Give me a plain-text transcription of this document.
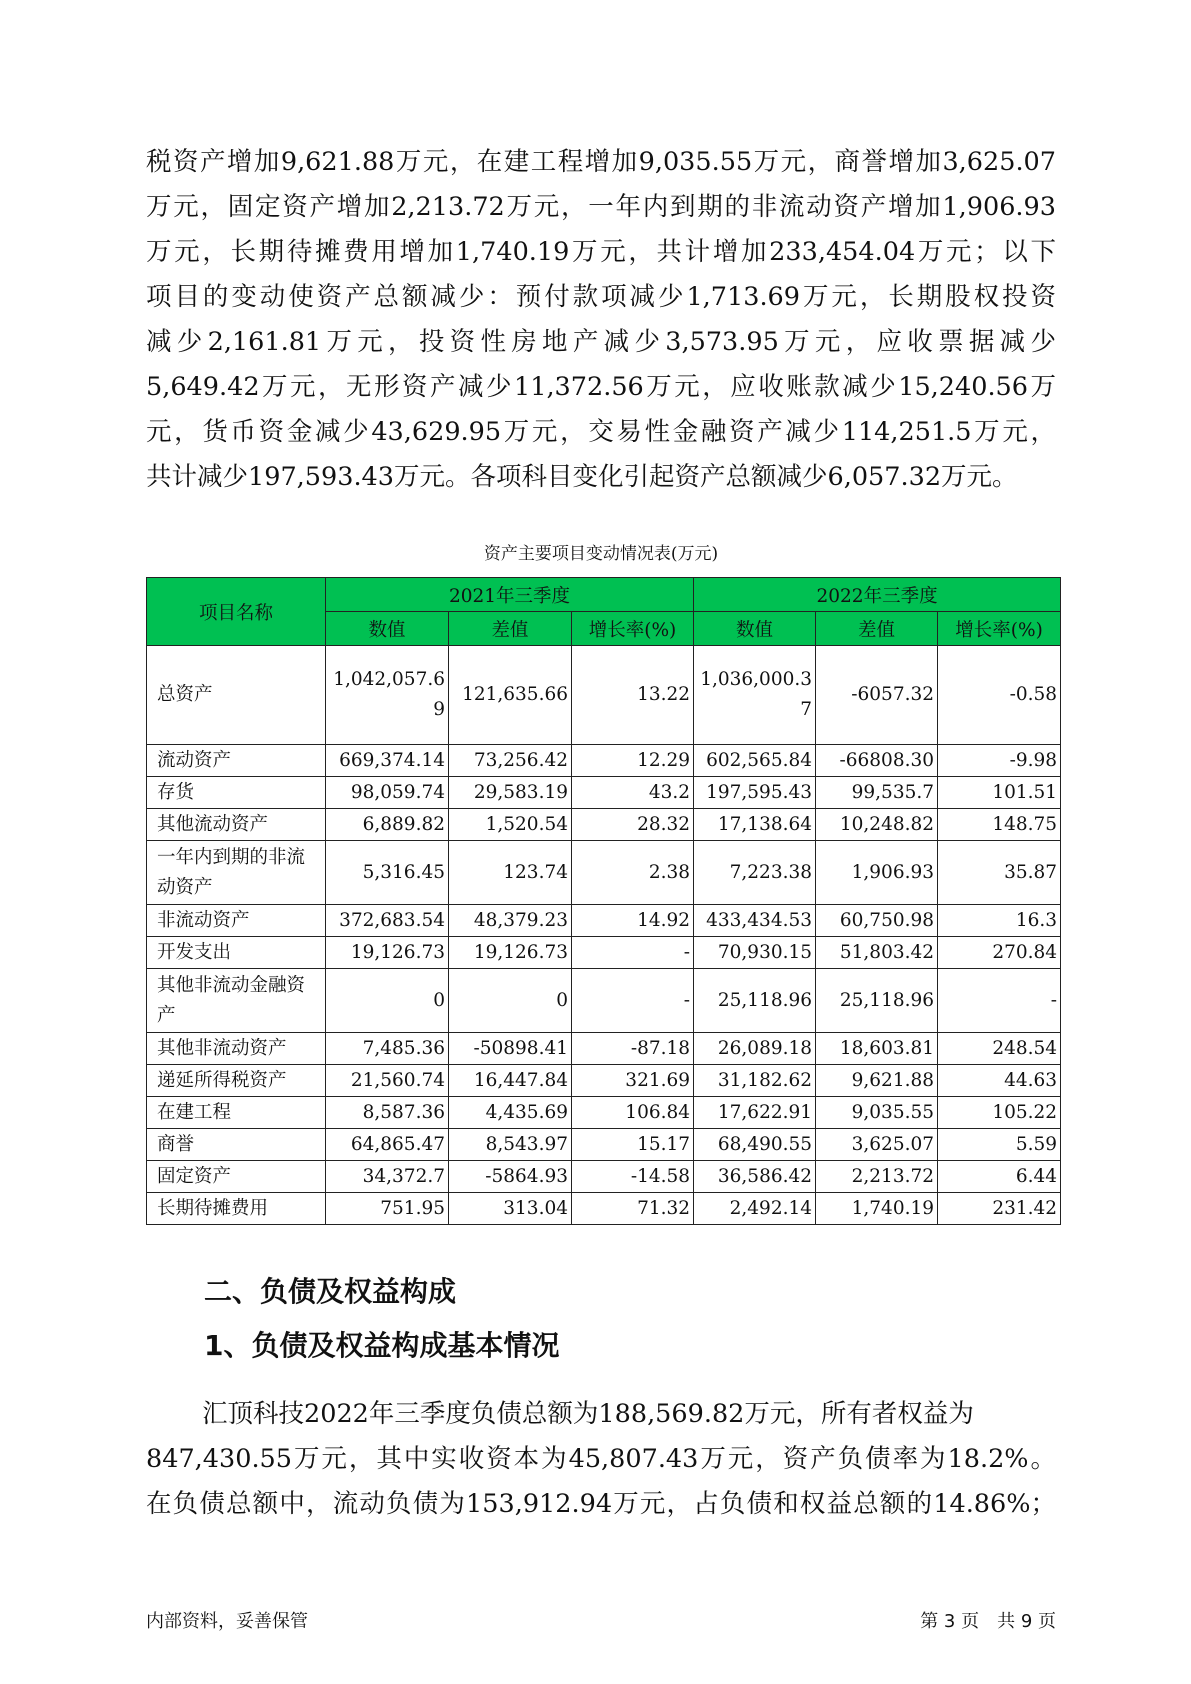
税资产增加9,621.88万元，在建工程增加9,035.55万元，商誉增加3,625.07
万元，固定资产增加2,213.72万元，一年内到期的非流动资产增加1,906.93
万元，长期待摊费用增加1,740.19万元，共计增加233,454.04万元；以下
项目的变动使资产总额减少：预付款项减少1,713.69万元，长期股权投资
减少2,161.81万元，投资性房地产减少3,573.95万元，应收票据减少
5,649.42万元，无形资产减少11,372.56万元，应收账款减少15,240.56万
元，货币资金减少43,629.95万元，交易性金融资产减少114,251.5万元，
共计减少197,593.43万元。各项科目变化引起资产总额减少6,057.32万元。
资产主要项目变动情况表(万元)
项目名称	2021年三季度			2022年三季度		
	数值	差值	增长率(%)	数值	差值	增长率(%)
总资产	1,042,057.69	121,635.66	13.22	1,036,000.37	-6057.32	-0.58
流动资产	669,374.14	73,256.42	12.29	602,565.84	-66808.30	-9.98
存货	98,059.74	29,583.19	43.2	197,595.43	99,535.7	101.51
其他流动资产	6,889.82	1,520.54	28.32	17,138.64	10,248.82	148.75
一年内到期的非流动资产	5,316.45	123.74	2.38	7,223.38	1,906.93	35.87
非流动资产	372,683.54	48,379.23	14.92	433,434.53	60,750.98	16.3
开发支出	19,126.73	19,126.73	-	70,930.15	51,803.42	270.84
其他非流动金融资产	0	0	-	25,118.96	25,118.96	-
其他非流动资产	7,485.36	-50898.41	-87.18	26,089.18	18,603.81	248.54
递延所得税资产	21,560.74	16,447.84	321.69	31,182.62	9,621.88	44.63
在建工程	8,587.36	4,435.69	106.84	17,622.91	9,035.55	105.22
商誉	64,865.47	8,543.97	15.17	68,490.55	3,625.07	5.59
固定资产	34,372.7	-5864.93	-14.58	36,586.42	2,213.72	6.44
长期待摊费用	751.95	313.04	71.32	2,492.14	1,740.19	231.42
二、负债及权益构成
1、负债及权益构成基本情况
汇顶科技2022年三季度负债总额为188,569.82万元，所有者权益为
847,430.55万元，其中实收资本为45,807.43万元，资产负债率为18.2%。
在负债总额中，流动负债为153,912.94万元，占负债和权益总额的14.86%；
内部资料，妥善保管	第 3 页　共 9 页
